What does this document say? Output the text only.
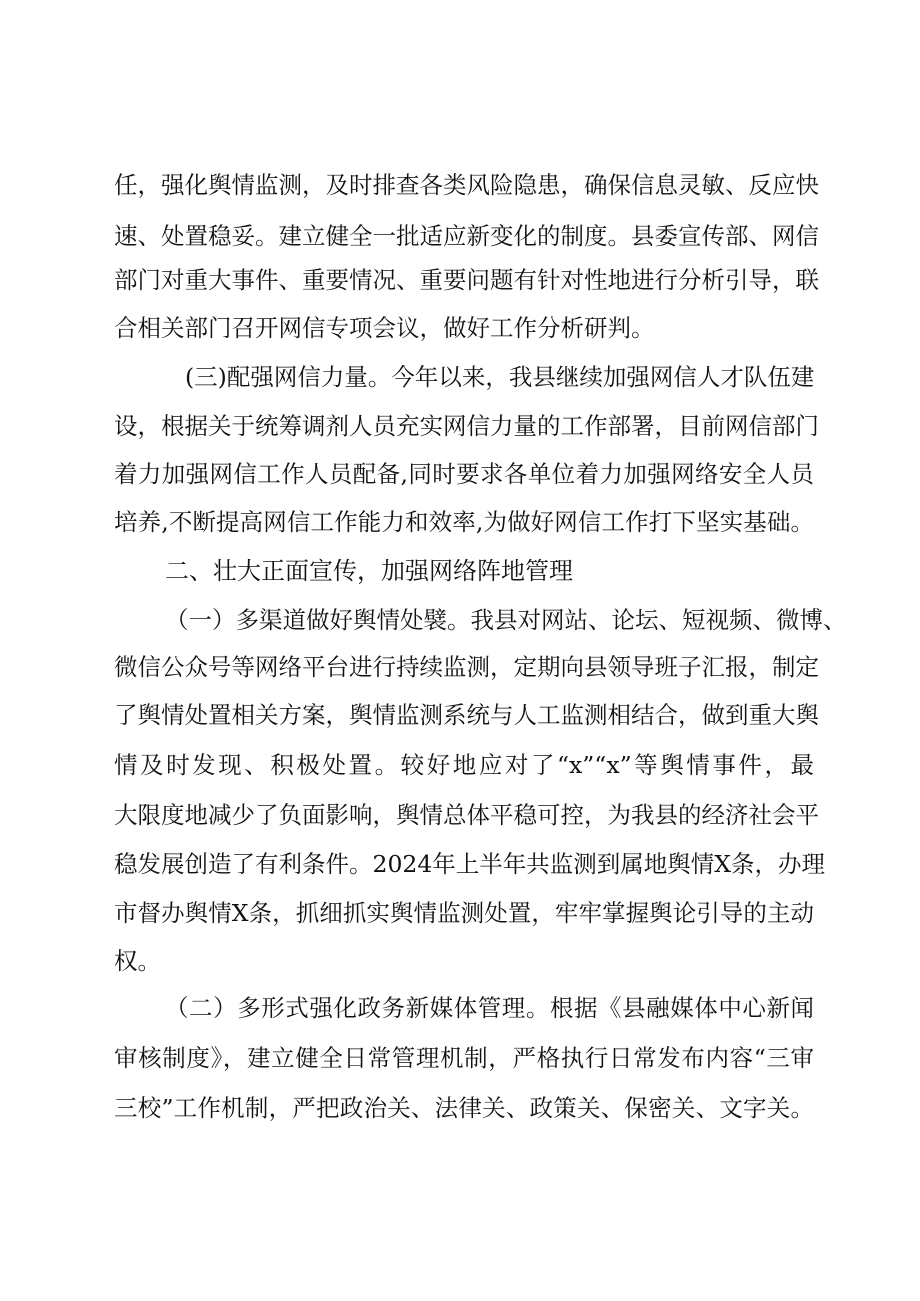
任，强化舆情监测，及时排查各类风险隐患，确保信息灵敏、反应快
速、处置稳妥。建立健全一批适应新变化的制度。县委宣传部、网信
部门对重大事件、重要情况、重要问题有针对性地进行分析引导，联
合相关部门召开网信专项会议，做好工作分析研判。
(三)配强网信力量。今年以来，我县继续加强网信人才队伍建
设，根据关于统筹调剂人员充实网信力量的工作部署，目前网信部门
着力加强网信工作人员配备,同时要求各单位着力加强网络安全人员
培养,不断提高网信工作能力和效率,为做好网信工作打下坚实基础。
二、壮大正面宣传，加强网络阵地管理
（一）多渠道做好舆情处襞。我县对网站、论坛、短视频、微博、
微信公众号等网络平台进行持续监测，定期向县领导班子汇报，制定
了舆情处置相关方案，舆情监测系统与人工监测相结合，做到重大舆
情及时发现、积极处置。较好地应对了“x”“x”等舆情事件，最
大限度地减少了负面影响，舆情总体平稳可控，为我县的经济社会平
稳发展创造了有利条件。2024年上半年共监测到属地舆情X条，办理
市督办舆情X条，抓细抓实舆情监测处置，牢牢掌握舆论引导的主动
权。
（二）多形式强化政务新媒体管理。根据《县融媒体中心新闻
审核制度》，建立健全日常管理机制，严格执行日常发布内容“三审
三校”工作机制，严把政治关、法律关、政策关、保密关、文字关。
